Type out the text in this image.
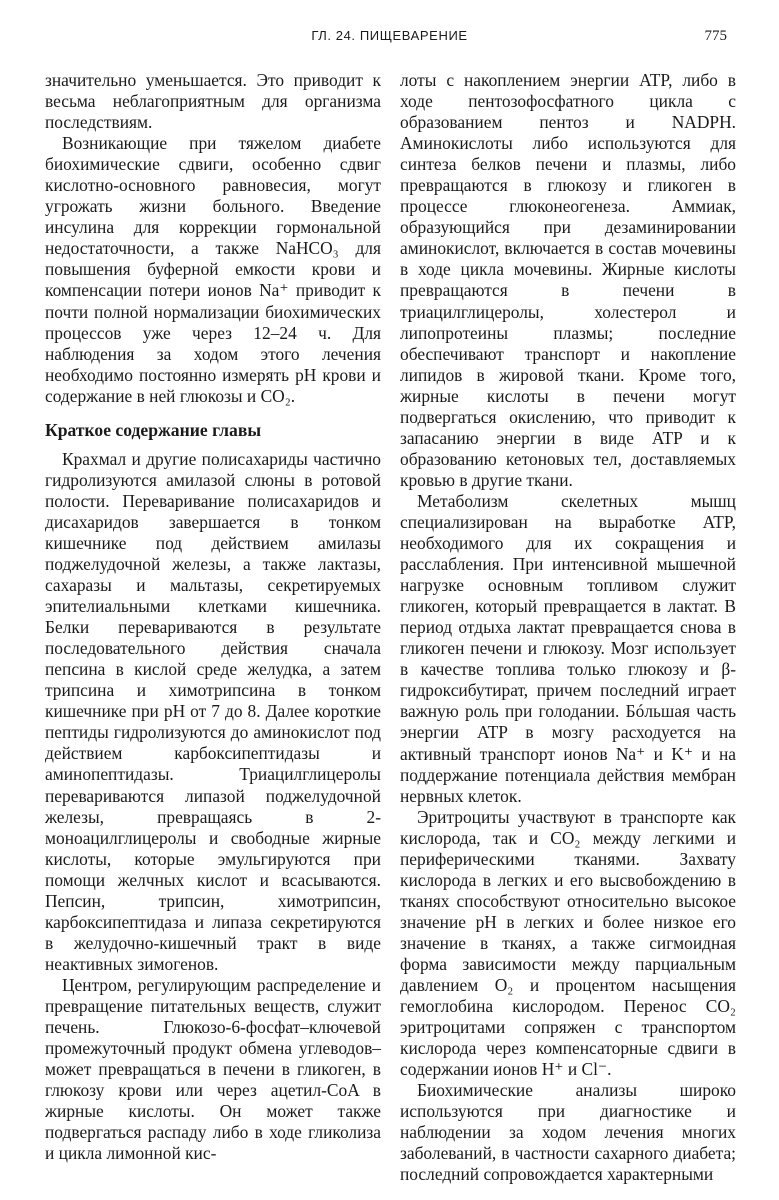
ГЛ. 24. ПИЩЕВАРЕНИЕ	775

значительно уменьшается. Это приводит к весьма неблагоприятным для организма последствиям.

Возникающие при тяжелом диабете биохимические сдвиги, особенно сдвиг кислотно-основного равновесия, могут угрожать жизни больного. Введение инсулина для коррекции гормональной недостаточности, а также NaHCO₃ для повышения буферной емкости крови и компенсации потери ионов Na⁺ приводит к почти полной нормализации биохимических процессов уже через 12–24 ч. Для наблюдения за ходом этого лечения необходимо постоянно измерять pH крови и содержание в ней глюкозы и CO₂.

Краткое содержание главы

Крахмал и другие полисахариды частично гидролизуются амилазой слюны в ротовой полости. Переваривание полисахаридов и дисахаридов завершается в тонком кишечнике под действием амилазы поджелудочной железы, а также лактазы, сахаразы и мальтазы, секретируемых эпителиальными клетками кишечника. Белки перевариваются в результате последовательного действия сначала пепсина в кислой среде желудка, а затем трипсина и химотрипсина в тонком кишечнике при pH от 7 до 8. Далее короткие пептиды гидролизуются до аминокислот под действием карбоксипептидазы и аминопептидазы. Триацилглицеролы перевариваются липазой поджелудочной железы, превращаясь в 2-моноацилглицеролы и свободные жирные кислоты, которые эмульгируются при помощи желчных кислот и всасываются. Пепсин, трипсин, химотрипсин, карбоксипептидаза и липаза секретируются в желудочно-кишечный тракт в виде неактивных зимогенов.

Центром, регулирующим распределение и превращение питательных веществ, служит печень. Глюкозо-6-фосфат–ключевой промежуточный продукт обмена углеводов–может превращаться в печени в гликоген, в глюкозу крови или через ацетил-CoA в жирные кислоты. Он может также подвергаться распаду либо в ходе гликолиза и цикла лимонной кис-

лоты с накоплением энергии ATP, либо в ходе пентозофосфатного цикла с образованием пентоз и NADPH. Аминокислоты либо используются для синтеза белков печени и плазмы, либо превращаются в глюкозу и гликоген в процессе глюконеогенеза. Аммиак, образующийся при дезаминировании аминокислот, включается в состав мочевины в ходе цикла мочевины. Жирные кислоты превращаются в печени в триацилглицеролы, холестерол и липопротеины плазмы; последние обеспечивают транспорт и накопление липидов в жировой ткани. Кроме того, жирные кислоты в печени могут подвергаться окислению, что приводит к запасанию энергии в виде ATP и к образованию кетоновых тел, доставляемых кровью в другие ткани.

Метаболизм скелетных мышц специализирован на выработке ATP, необходимого для их сокращения и расслабления. При интенсивной мышечной нагрузке основным топливом служит гликоген, который превращается в лактат. В период отдыха лактат превращается снова в гликоген печени и глюкозу. Мозг использует в качестве топлива только глюкозу и β-гидроксибутират, причем последний играет важную роль при голодании. Бóльшая часть энергии ATP в мозгу расходуется на активный транспорт ионов Na⁺ и K⁺ и на поддержание потенциала действия мембран нервных клеток.

Эритроциты участвуют в транспорте как кислорода, так и CO₂ между легкими и периферическими тканями. Захвату кислорода в легких и его высвобождению в тканях способствуют относительно высокое значение pH в легких и более низкое его значение в тканях, а также сигмоидная форма зависимости между парциальным давлением O₂ и процентом насыщения гемоглобина кислородом. Перенос CO₂ эритроцитами сопряжен с транспортом кислорода через компенсаторные сдвиги в содержании ионов H⁺ и Cl⁻.

Биохимические анализы широко используются при диагностике и наблюдении за ходом лечения многих заболеваний, в частности сахарного диабета; последний сопровождается характерными
